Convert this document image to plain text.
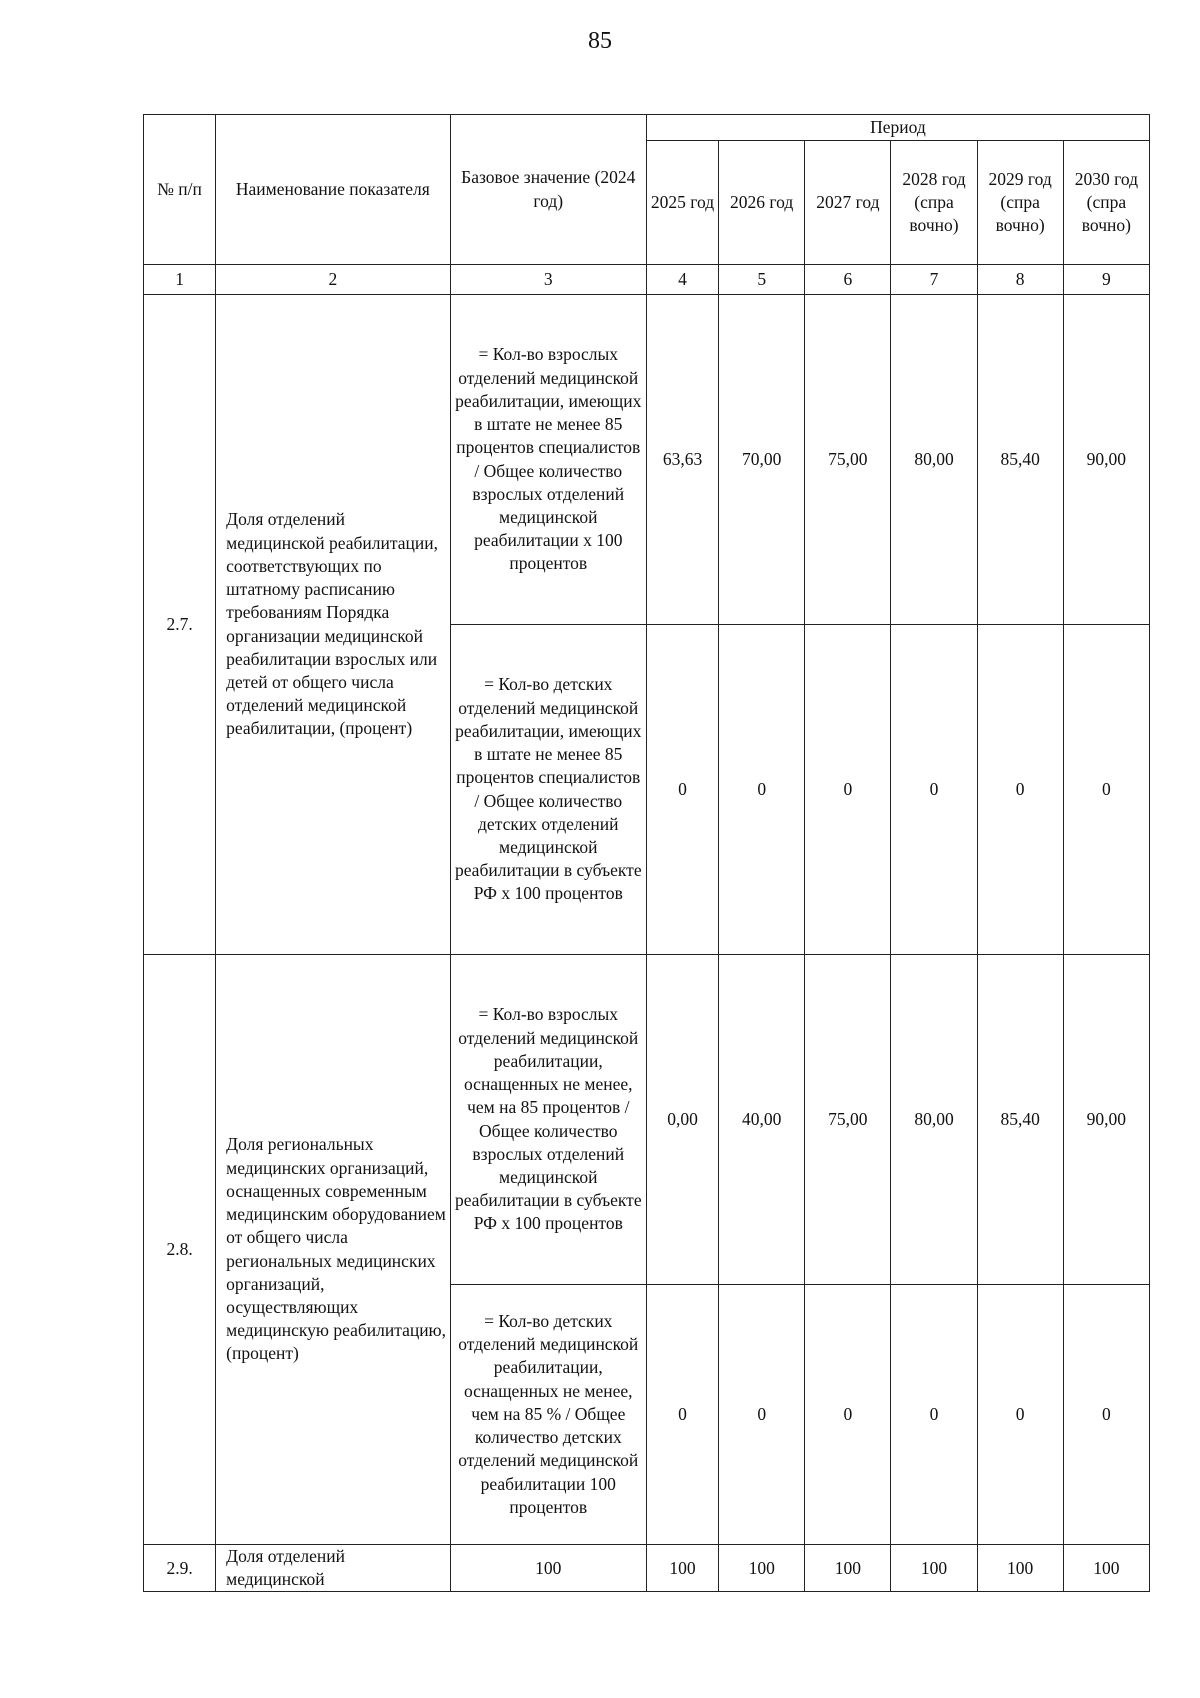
85
№ п/п	Наименование показателя	Базовое значение (2024 год)	Период					
			2025 год	2026 год	2027 год	2028 год (спра вочно)	2029 год (спра вочно)	2030 год (спра вочно)
1	2	3	4	5	6	7	8	9
2.7.	Доля отделений медицинской реабилитации, соответствующих по штатному расписанию требованиям Порядка организации медицинской реабилитации взрослых или детей от общего числа отделений медицинской реабилитации, (процент)	= Кол-во взрослых отделений медицинской реабилитации, имеющих в штате не менее 85 процентов специалистов / Общее количество взрослых отделений медицинской реабилитации х 100 процентов	63,63	70,00	75,00	80,00	85,40	90,00
		= Кол-во детских отделений медицинской реабилитации, имеющих в штате не менее 85 процентов специалистов / Общее количество детских отделений медицинской реабилитации в субъекте РФ х 100 процентов	0	0	0	0	0	0
2.8.	Доля региональных медицинских организаций, оснащенных современным медицинским оборудованием от общего числа региональных медицинских организаций, осуществляющих медицинскую реабилитацию, (процент)	= Кол-во взрослых отделений медицинской реабилитации, оснащенных не менее, чем на 85 процентов / Общее количество взрослых отделений медицинской реабилитации в субъекте РФ х 100 процентов	0,00	40,00	75,00	80,00	85,40	90,00
		= Кол-во детских отделений медицинской реабилитации, оснащенных не менее, чем на 85 % / Общее количество детских отделений медицинской реабилитации 100 процентов	0	0	0	0	0	0
2.9.	Доля отделений медицинской	100	100	100	100	100	100	100
